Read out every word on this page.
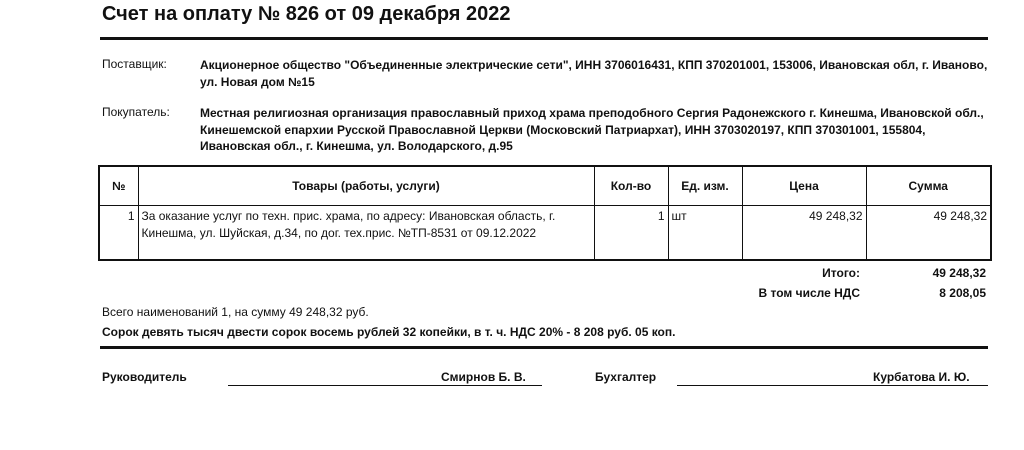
Счет на оплату № 826 от 09 декабря 2022
Поставщик:	Акционерное общество "Объединенные электрические сети", ИНН 3706016431, КПП 370201001, 153006, Ивановская обл, г. Иваново, ул. Новая дом №15
Покупатель:	Местная религиозная организация православный приход храма преподобного Сергия Радонежского г. Кинешма, Ивановской обл., Кинешемской епархии Русской Православной Церкви (Московский Патриархат), ИНН 3703020197, КПП 370301001, 155804, Ивановская обл., г. Кинешма, ул. Володарского, д.95
№	Товары (работы, услуги)	Кол-во	Ед. изм.	Цена	Сумма
1	За оказание услуг по техн. прис. храма, по адресу: Ивановская область, г. Кинешма, ул. Шуйская, д.34, по дог. тех.прис. №ТП-8531 от 09.12.2022	1	шт	49 248,32	49 248,32
Итого:	49 248,32
В том числе НДС	8 208,05
Всего наименований 1, на сумму 49 248,32 руб.
Сорок девять тысяч двести сорок восемь рублей 32 копейки, в т. ч. НДС 20% - 8 208 руб. 05 коп.
Руководитель	Смирнов Б. В.	Бухгалтер	Курбатова И. Ю.
